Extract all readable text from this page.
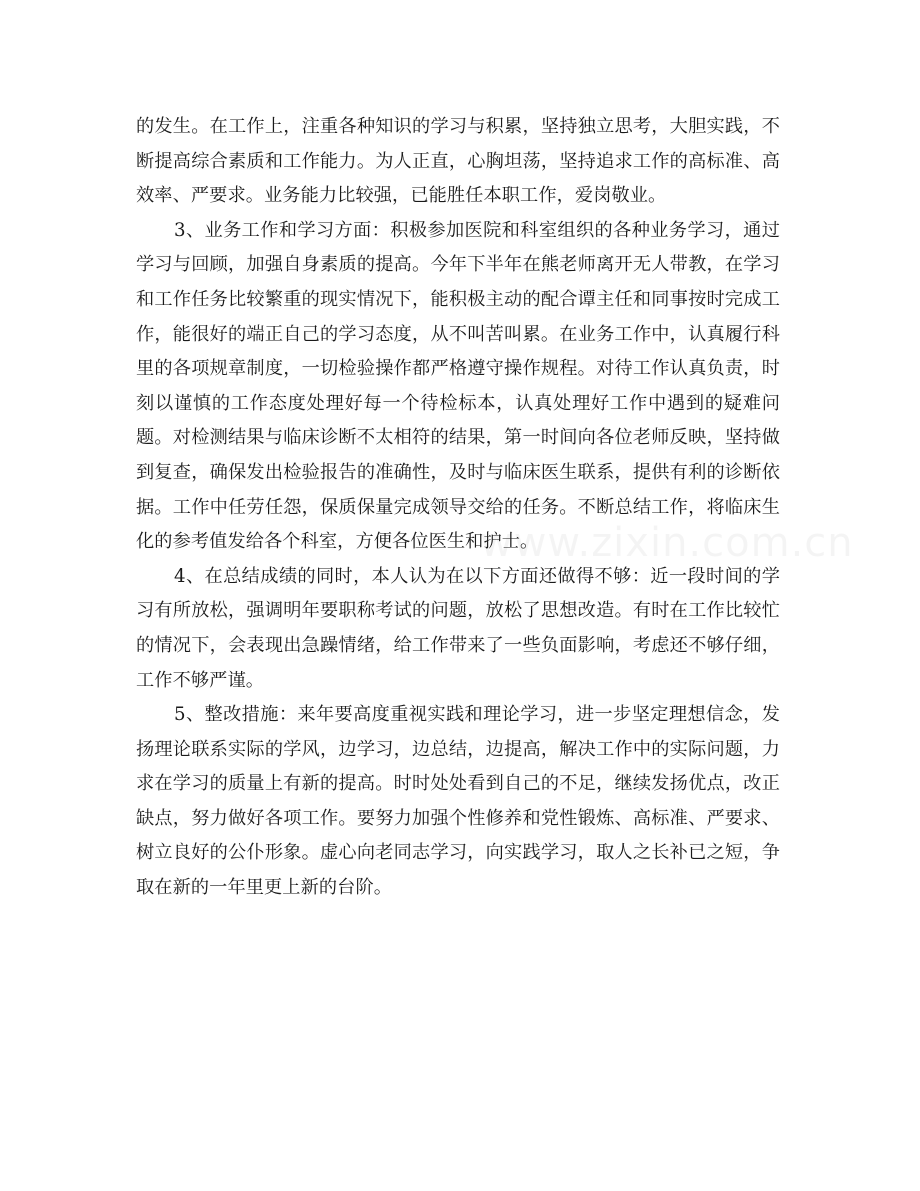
的发生。在工作上，注重各种知识的学习与积累，坚持独立思考，大胆实践，不断提高综合素质和工作能力。为人正直，心胸坦荡，坚持追求工作的高标准、高效率、严要求。业务能力比较强，已能胜任本职工作，爱岗敬业。

3、业务工作和学习方面：积极参加医院和科室组织的各种业务学习，通过学习与回顾，加强自身素质的提高。今年下半年在熊老师离开无人带教，在学习和工作任务比较繁重的现实情况下，能积极主动的配合谭主任和同事按时完成工作，能很好的端正自己的学习态度，从不叫苦叫累。在业务工作中，认真履行科里的各项规章制度，一切检验操作都严格遵守操作规程。对待工作认真负责，时刻以谨慎的工作态度处理好每一个待检标本，认真处理好工作中遇到的疑难问题。对检测结果与临床诊断不太相符的结果，第一时间向各位老师反映，坚持做到复查，确保发出检验报告的准确性，及时与临床医生联系，提供有利的诊断依据。工作中任劳任怨，保质保量完成领导交给的任务。不断总结工作，将临床生化的参考值发给各个科室，方便各位医生和护士。

4、在总结成绩的同时，本人认为在以下方面还做得不够：近一段时间的学习有所放松，强调明年要职称考试的问题，放松了思想改造。有时在工作比较忙的情况下，会表现出急躁情绪，给工作带来了一些负面影响，考虑还不够仔细，工作不够严谨。

5、整改措施：来年要高度重视实践和理论学习，进一步坚定理想信念，发扬理论联系实际的学风，边学习，边总结，边提高，解决工作中的实际问题，力求在学习的质量上有新的提高。时时处处看到自己的不足，继续发扬优点，改正缺点，努力做好各项工作。要努力加强个性修养和党性锻炼、高标准、严要求、树立良好的公仆形象。虚心向老同志学习，向实践学习，取人之长补已之短，争取在新的一年里更上新的台阶。
